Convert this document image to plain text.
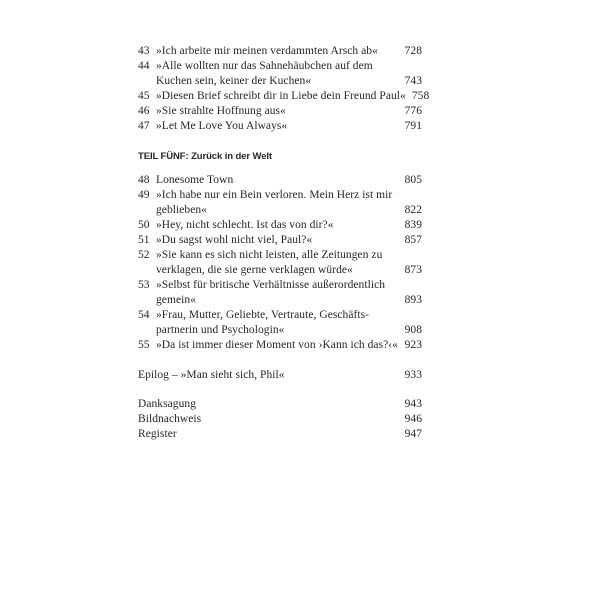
43 »Ich arbeite mir meinen verdammten Arsch ab«	728
44 »Alle wollten nur das Sahnehäubchen auf dem
Kuchen sein, keiner der Kuchen«	743
45 »Diesen Brief schreibt dir in Liebe dein Freund Paul« 758
46 »Sie strahlte Hoffnung aus«	776
47 »Let Me Love You Always«	791
TEIL FÜNF: Zurück in der Welt
48 Lonesome Town	805
49 »Ich habe nur ein Bein verloren. Mein Herz ist mir
geblieben«	822
50 »Hey, nicht schlecht. Ist das von dir?«	839
51 »Du sagst wohl nicht viel, Paul?«	857
52 »Sie kann es sich nicht leisten, alle Zeitungen zu
verklagen, die sie gerne verklagen würde«	873
53 »Selbst für britische Verhältnisse außerordentlich
gemein«	893
54 »Frau, Mutter, Geliebte, Vertraute, Geschäfts-
partnerin und Psychologin«	908
55 »Da ist immer dieser Moment von ›Kann ich das?‹« 923
Epilog – »Man sieht sich, Phil«	933
Danksagung	943
Bildnachweis	946
Register	947
